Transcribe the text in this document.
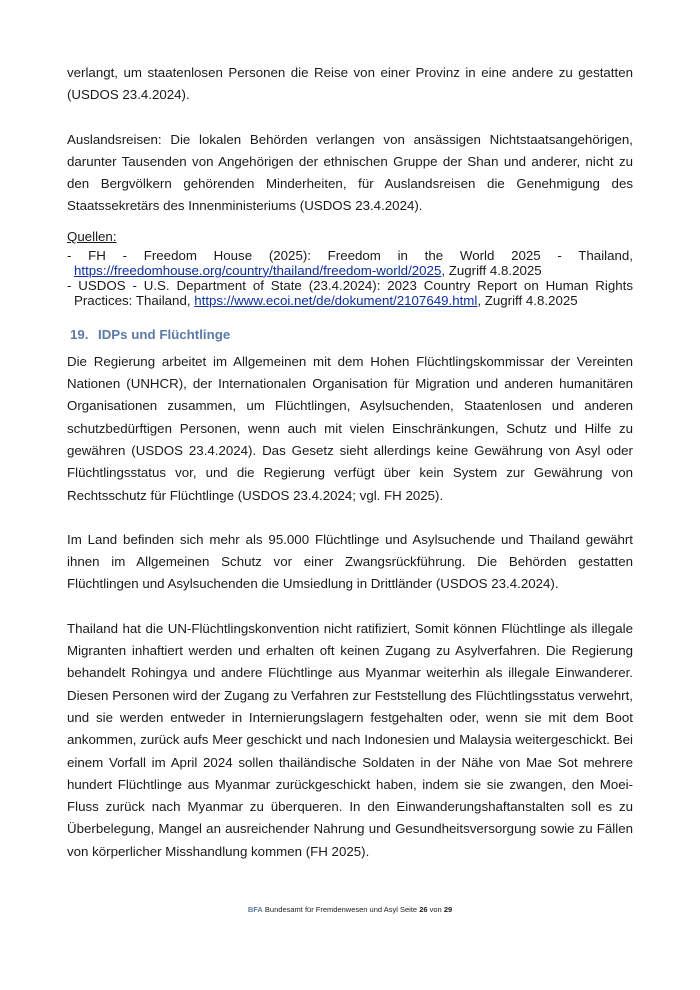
verlangt, um staatenlosen Personen die Reise von einer Provinz in eine andere zu gestatten (USDOS 23.4.2024).

Auslandsreisen: Die lokalen Behörden verlangen von ansässigen Nichtstaatsangehörigen, darunter Tausenden von Angehörigen der ethnischen Gruppe der Shan und anderer, nicht zu den Bergvölkern gehörenden Minderheiten, für Auslandsreisen die Genehmigung des Staatssekretärs des Innenministeriums (USDOS 23.4.2024).

Quellen:
- FH - Freedom House (2025): Freedom in the World 2025 - Thailand, https://freedomhouse.org/country/thailand/freedom-world/2025, Zugriff 4.8.2025
- USDOS - U.S. Department of State (23.4.2024): 2023 Country Report on Human Rights Practices: Thailand, https://www.ecoi.net/de/dokument/2107649.html, Zugriff 4.8.2025
19. IDPs und Flüchtlinge

Die Regierung arbeitet im Allgemeinen mit dem Hohen Flüchtlingskommissar der Vereinten Nationen (UNHCR), der Internationalen Organisation für Migration und anderen humanitären Organisationen zusammen, um Flüchtlingen, Asylsuchenden, Staatenlosen und anderen schutzbedürftigen Personen, wenn auch mit vielen Einschränkungen, Schutz und Hilfe zu gewähren (USDOS 23.4.2024). Das Gesetz sieht allerdings keine Gewährung von Asyl oder Flüchtlingsstatus vor, und die Regierung verfügt über kein System zur Gewährung von Rechtsschutz für Flüchtlinge (USDOS 23.4.2024; vgl. FH 2025).

Im Land befinden sich mehr als 95.000 Flüchtlinge und Asylsuchende und Thailand gewährt ihnen im Allgemeinen Schutz vor einer Zwangsrückführung. Die Behörden gestatten Flüchtlingen und Asylsuchenden die Umsiedlung in Drittländer (USDOS 23.4.2024).

Thailand hat die UN-Flüchtlingskonvention nicht ratifiziert, Somit können Flüchtlinge als illegale Migranten inhaftiert werden und erhalten oft keinen Zugang zu Asylverfahren. Die Regierung behandelt Rohingya und andere Flüchtlinge aus Myanmar weiterhin als illegale Einwanderer. Diesen Personen wird der Zugang zu Verfahren zur Feststellung des Flüchtlingsstatus verwehrt, und sie werden entweder in Internierungslagern festgehalten oder, wenn sie mit dem Boot ankommen, zurück aufs Meer geschickt und nach Indonesien und Malaysia weitergeschickt. Bei einem Vorfall im April 2024 sollen thailändische Soldaten in der Nähe von Mae Sot mehrere hundert Flüchtlinge aus Myanmar zurückgeschickt haben, indem sie sie zwangen, den Moei-Fluss zurück nach Myanmar zu überqueren. In den Einwanderungshaftanstalten soll es zu Überbelegung, Mangel an ausreichender Nahrung und Gesundheitsversorgung sowie zu Fällen von körperlicher Misshandlung kommen (FH 2025).

BFA Bundesamt für Fremdenwesen und Asyl Seite 26 von 29
